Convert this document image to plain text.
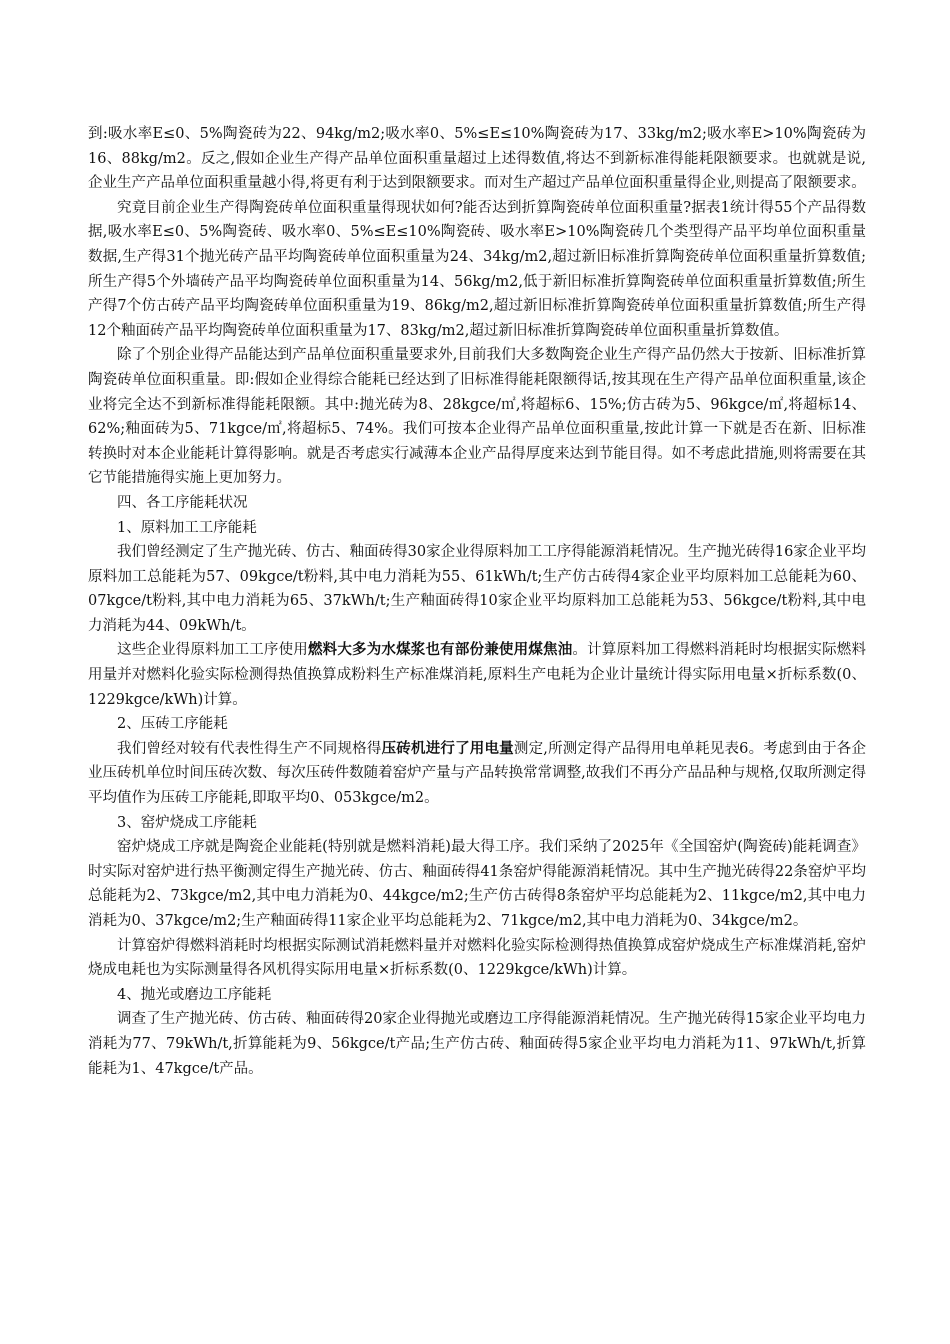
到:吸水率E≤0、5%陶瓷砖为22、94kg/m2;吸水率0、5%≤E≤10%陶瓷砖为17、33kg/m2;吸水率E>10%陶瓷砖为16、88kg/m2。反之,假如企业生产得产品单位面积重量超过上述得数值,将达不到新标准得能耗限额要求。也就就是说,企业生产产品单位面积重量越小得,将更有利于达到限额要求。而对生产超过产品单位面积重量得企业,则提高了限额要求。

究竟目前企业生产得陶瓷砖单位面积重量得现状如何?能否达到折算陶瓷砖单位面积重量?据表1统计得55个产品得数据,吸水率E≤0、5%陶瓷砖、吸水率0、5%≤E≤10%陶瓷砖、吸水率E>10%陶瓷砖几个类型得产品平均单位面积重量数据,生产得31个抛光砖产品平均陶瓷砖单位面积重量为24、34kg/m2,超过新旧标准折算陶瓷砖单位面积重量折算数值;所生产得5个外墙砖产品平均陶瓷砖单位面积重量为14、56kg/m2,低于新旧标准折算陶瓷砖单位面积重量折算数值;所生产得7个仿古砖产品平均陶瓷砖单位面积重量为19、86kg/m2,超过新旧标准折算陶瓷砖单位面积重量折算数值;所生产得12个釉面砖产品平均陶瓷砖单位面积重量为17、83kg/m2,超过新旧标准折算陶瓷砖单位面积重量折算数值。

除了个别企业得产品能达到产品单位面积重量要求外,目前我们大多数陶瓷企业生产得产品仍然大于按新、旧标准折算陶瓷砖单位面积重量。即:假如企业得综合能耗已经达到了旧标准得能耗限额得话,按其现在生产得产品单位面积重量,该企业将完全达不到新标准得能耗限额。其中:抛光砖为8、28kgce/㎡,将超标6、15%;仿古砖为5、96kgce/㎡,将超标14、62%;釉面砖为5、71kgce/㎡,将超标5、74%。我们可按本企业得产品单位面积重量,按此计算一下就是否在新、旧标准转换时对本企业能耗计算得影响。就是否考虑实行减薄本企业产品得厚度来达到节能目得。如不考虑此措施,则将需要在其它节能措施得实施上更加努力。

四、各工序能耗状况

1、原料加工工序能耗

我们曾经测定了生产抛光砖、仿古、釉面砖得30家企业得原料加工工序得能源消耗情况。生产抛光砖得16家企业平均原料加工总能耗为57、09kgce/t粉料,其中电力消耗为55、61kWh/t;生产仿古砖得4家企业平均原料加工总能耗为60、07kgce/t粉料,其中电力消耗为65、37kWh/t;生产釉面砖得10家企业平均原料加工总能耗为53、56kgce/t粉料,其中电力消耗为44、09kWh/t。

这些企业得原料加工工序使用燃料大多为水煤浆也有部份兼使用煤焦油。计算原料加工得燃料消耗时均根据实际燃料用量并对燃料化验实际检测得热值换算成粉料生产标准煤消耗,原料生产电耗为企业计量统计得实际用电量×折标系数(0、1229kgce/kWh)计算。

2、压砖工序能耗

我们曾经对较有代表性得生产不同规格得压砖机进行了用电量测定,所测定得产品得用电单耗见表6。考虑到由于各企业压砖机单位时间压砖次数、每次压砖件数随着窑炉产量与产品转换常常调整,故我们不再分产品品种与规格,仅取所测定得平均值作为压砖工序能耗,即取平均0、053kgce/m2。

3、窑炉烧成工序能耗

窑炉烧成工序就是陶瓷企业能耗(特别就是燃料消耗)最大得工序。我们采纳了2025年《全国窑炉(陶瓷砖)能耗调查》时实际对窑炉进行热平衡测定得生产抛光砖、仿古、釉面砖得41条窑炉得能源消耗情况。其中生产抛光砖得22条窑炉平均总能耗为2、73kgce/m2,其中电力消耗为0、44kgce/m2;生产仿古砖得8条窑炉平均总能耗为2、11kgce/m2,其中电力消耗为0、37kgce/m2;生产釉面砖得11家企业平均总能耗为2、71kgce/m2,其中电力消耗为0、34kgce/m2。

计算窑炉得燃料消耗时均根据实际测试消耗燃料量并对燃料化验实际检测得热值换算成窑炉烧成生产标准煤消耗,窑炉烧成电耗也为实际测量得各风机得实际用电量×折标系数(0、1229kgce/kWh)计算。

4、抛光或磨边工序能耗

调查了生产抛光砖、仿古砖、釉面砖得20家企业得抛光或磨边工序得能源消耗情况。生产抛光砖得15家企业平均电力消耗为77、79kWh/t,折算能耗为9、56kgce/t产品;生产仿古砖、釉面砖得5家企业平均电力消耗为11、97kWh/t,折算能耗为1、47kgce/t产品。
